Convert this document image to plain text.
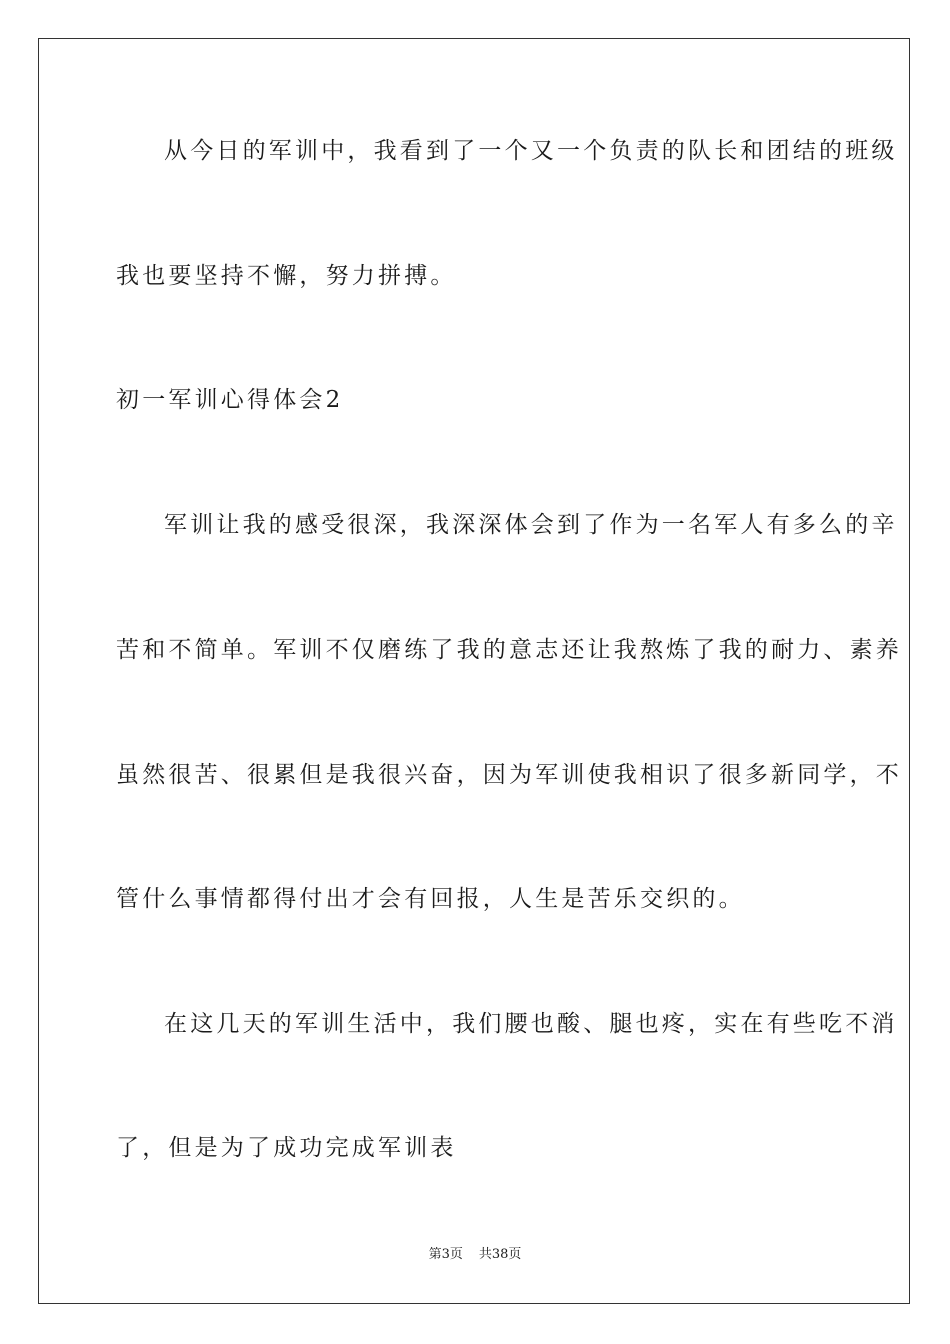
从今日的军训中，我看到了一个又一个负责的队长和团结的班级
我也要坚持不懈，努力拼搏。
初一军训心得体会2
军训让我的感受很深，我深深体会到了作为一名军人有多么的辛
苦和不简单。军训不仅磨练了我的意志还让我熬炼了我的耐力、素养
虽然很苦、很累但是我很兴奋，因为军训使我相识了很多新同学，不
管什么事情都得付出才会有回报，人生是苦乐交织的。
在这几天的军训生活中，我们腰也酸、腿也疼，实在有些吃不消
了，但是为了成功完成军训表
第3页 共38页
